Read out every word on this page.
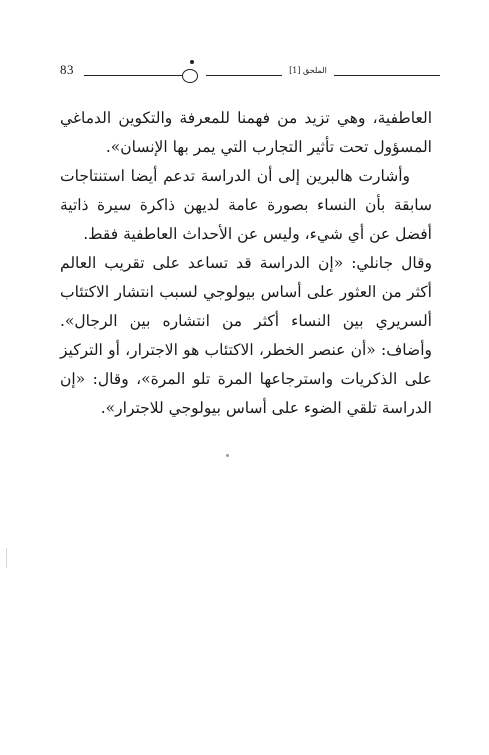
83	الملحق [1]

العاطفية، وهي تزيد من فهمنا للمعرفة والتكوين الدماغي المسؤول تحت تأثير التجارب التي يمر بها الإنسان».

وأشارت هالبرين إلى أن الدراسة تدعم أيضا استنتاجات سابقة بأن النساء بصورة عامة لديهن ذاكرة سيرة ذاتية أفضل عن أي شيء، وليس عن الأحداث العاطفية فقط.

وقال جانلي: «إن الدراسة قد تساعد على تقريب العالم أكثر من العثور على أساس بيولوجي لسبب انتشار الاكتئاب ألسريري بين النساء أكثر من انتشاره بين الرجال». وأضاف: «أن عنصر الخطر، الاكتئاب هو الاجترار، أو التركيز على الذكريات واسترجاعها المرة تلو المرة»، وقال: «إن الدراسة تلقي الضوء على أساس بيولوجي للاجترار».
